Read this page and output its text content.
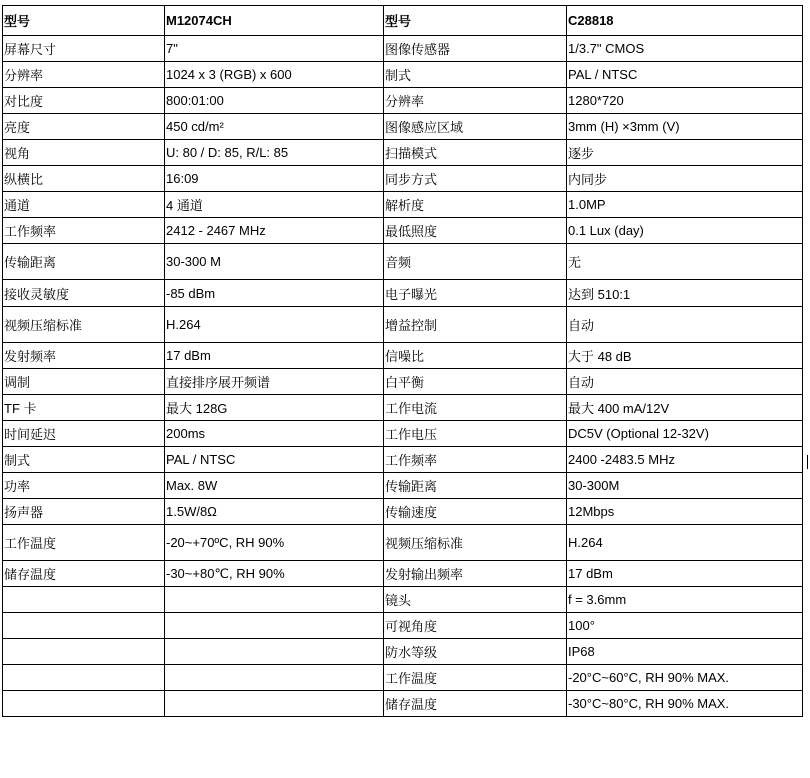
型号	M12074CH	型号	C28818
屏幕尺寸	7"	图像传感器	1/3.7" CMOS
分辨率	1024 x 3 (RGB) x 600	制式	PAL / NTSC
对比度	800:01:00	分辨率	1280*720
亮度	450 cd/m²	图像感应区域	3mm (H) ×3mm (V)
视角	U: 80 / D: 85, R/L: 85	扫描模式	逐步
纵横比	16:09	同步方式	内同步
通道	4 通道	解析度	1.0MP
工作频率	2412 - 2467 MHz	最低照度	0.1 Lux (day)
传输距离	30-300 M	音频	无
接收灵敏度	-85 dBm	电子曝光	达到 510:1
视频压缩标准	H.264	增益控制	自动
发射频率	17 dBm	信噪比	大于 48 dB
调制	直接排序展开频谱	白平衡	自动
TF 卡	最大 128G	工作电流	最大 400 mA/12V
时间延迟	200ms	工作电压	DC5V (Optional 12-32V)
制式	PAL / NTSC	工作频率	2400 -2483.5 MHz
功率	Max. 8W	传输距离	30-300M
扬声器	1.5W/8Ω	传输速度	12Mbps
工作温度	-20~+70ºC, RH 90%	视频压缩标准	H.264
储存温度	-30~+80℃, RH 90%	发射输出频率	17 dBm
		镜头	f = 3.6mm
		可视角度	100°
		防水等级	IP68
		工作温度	-20°C~60°C, RH 90% MAX.
		储存温度	-30°C~80°C, RH 90% MAX.
